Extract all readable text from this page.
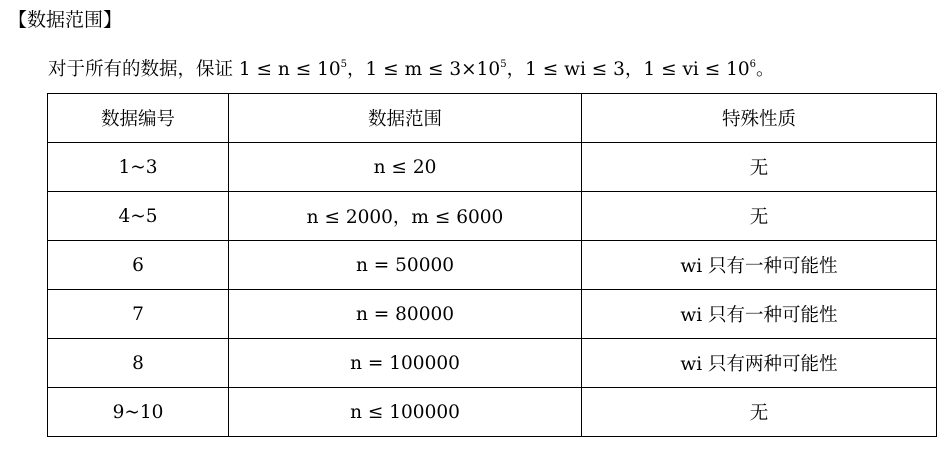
【数据范围】
对于所有的数据，保证 $1 \le n \le 10^5$，$1 \le m \le 3\times 10^5$，1 ≤ wi ≤ 3，1 ≤ vi ≤ $10^6$。
数据编号	数据范围	特殊性质
1~3	n ≤ 20	无
4~5	n ≤ 2000，m ≤ 6000	无
6	n = 50000	wi 只有一种可能性
7	n = 80000	wi 只有一种可能性
8	n = 100000	wi 只有两种可能性
9~10	n ≤ 100000	无
